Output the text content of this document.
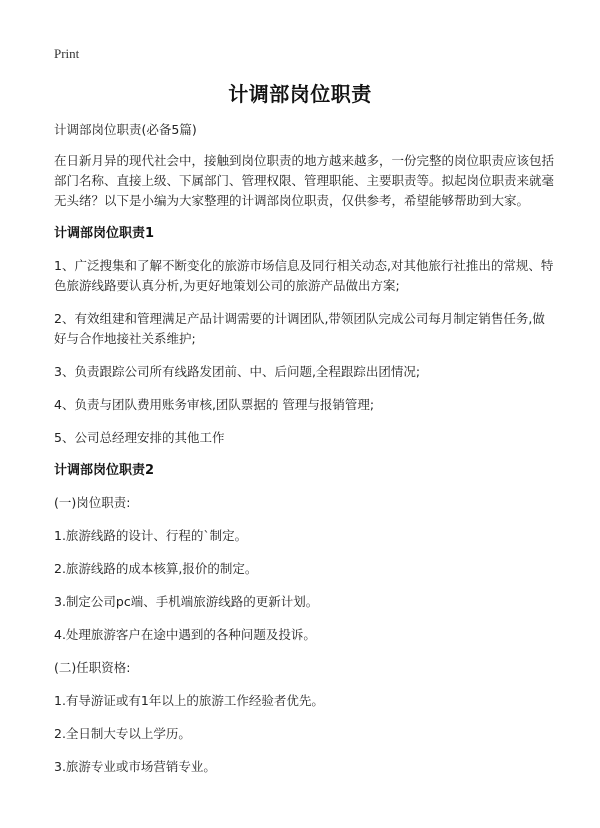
Print
计调部岗位职责

计调部岗位职责(必备5篇)

在日新月异的现代社会中，接触到岗位职责的地方越来越多，一份完整的岗位职责应该包括部门名称、直接上级、下属部门、管理权限、管理职能、主要职责等。拟起岗位职责来就毫无头绪？以下是小编为大家整理的计调部岗位职责，仅供参考，希望能够帮助到大家。

计调部岗位职责1

1、广泛搜集和了解不断变化的旅游市场信息及同行相关动态,对其他旅行社推出的常规、特色旅游线路要认真分析,为更好地策划公司的旅游产品做出方案;

2、有效组建和管理满足产品计调需要的计调团队,带领团队完成公司每月制定销售任务,做好与合作地接社关系维护;

3、负责跟踪公司所有线路发团前、中、后问题,全程跟踪出团情况;

4、负责与团队费用账务审核,团队票据的 管理与报销管理;

5、公司总经理安排的其他工作

计调部岗位职责2

(一)岗位职责:

1.旅游线路的设计、行程的`制定。

2.旅游线路的成本核算,报价的制定。

3.制定公司pc端、手机端旅游线路的更新计划。

4.处理旅游客户在途中遇到的各种问题及投诉。

(二)任职资格:

1.有导游证或有1年以上的旅游工作经验者优先。

2.全日制大专以上学历。

3.旅游专业或市场营销专业。
